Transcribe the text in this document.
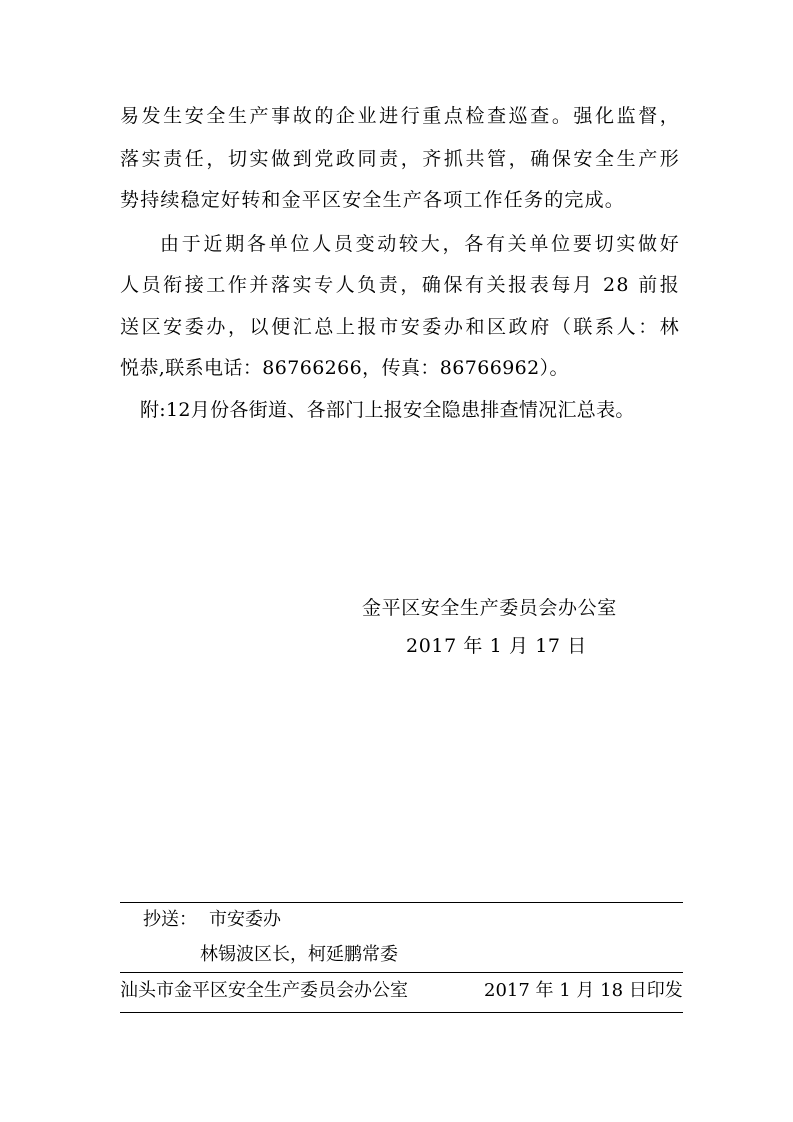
易发生安全生产事故的企业进行重点检查巡查。强化监督，
落实责任，切实做到党政同责，齐抓共管，确保安全生产形
势持续稳定好转和金平区安全生产各项工作任务的完成。
由于近期各单位人员变动较大，各有关单位要切实做好
人员衔接工作并落实专人负责，确保有关报表每月 28 前报
送区安委办，以便汇总上报市安委办和区政府（联系人：林
悦恭,联系电话：86766266，传真：86766962）。
附:12月份各街道、各部门上报安全隐患排查情况汇总表。
金平区安全生产委员会办公室
2017 年 1 月 17 日
抄送： 市安委办
林锡波区长，柯延鹏常委
汕头市金平区安全生产委员会办公室	2017 年 1 月 18 日印发
